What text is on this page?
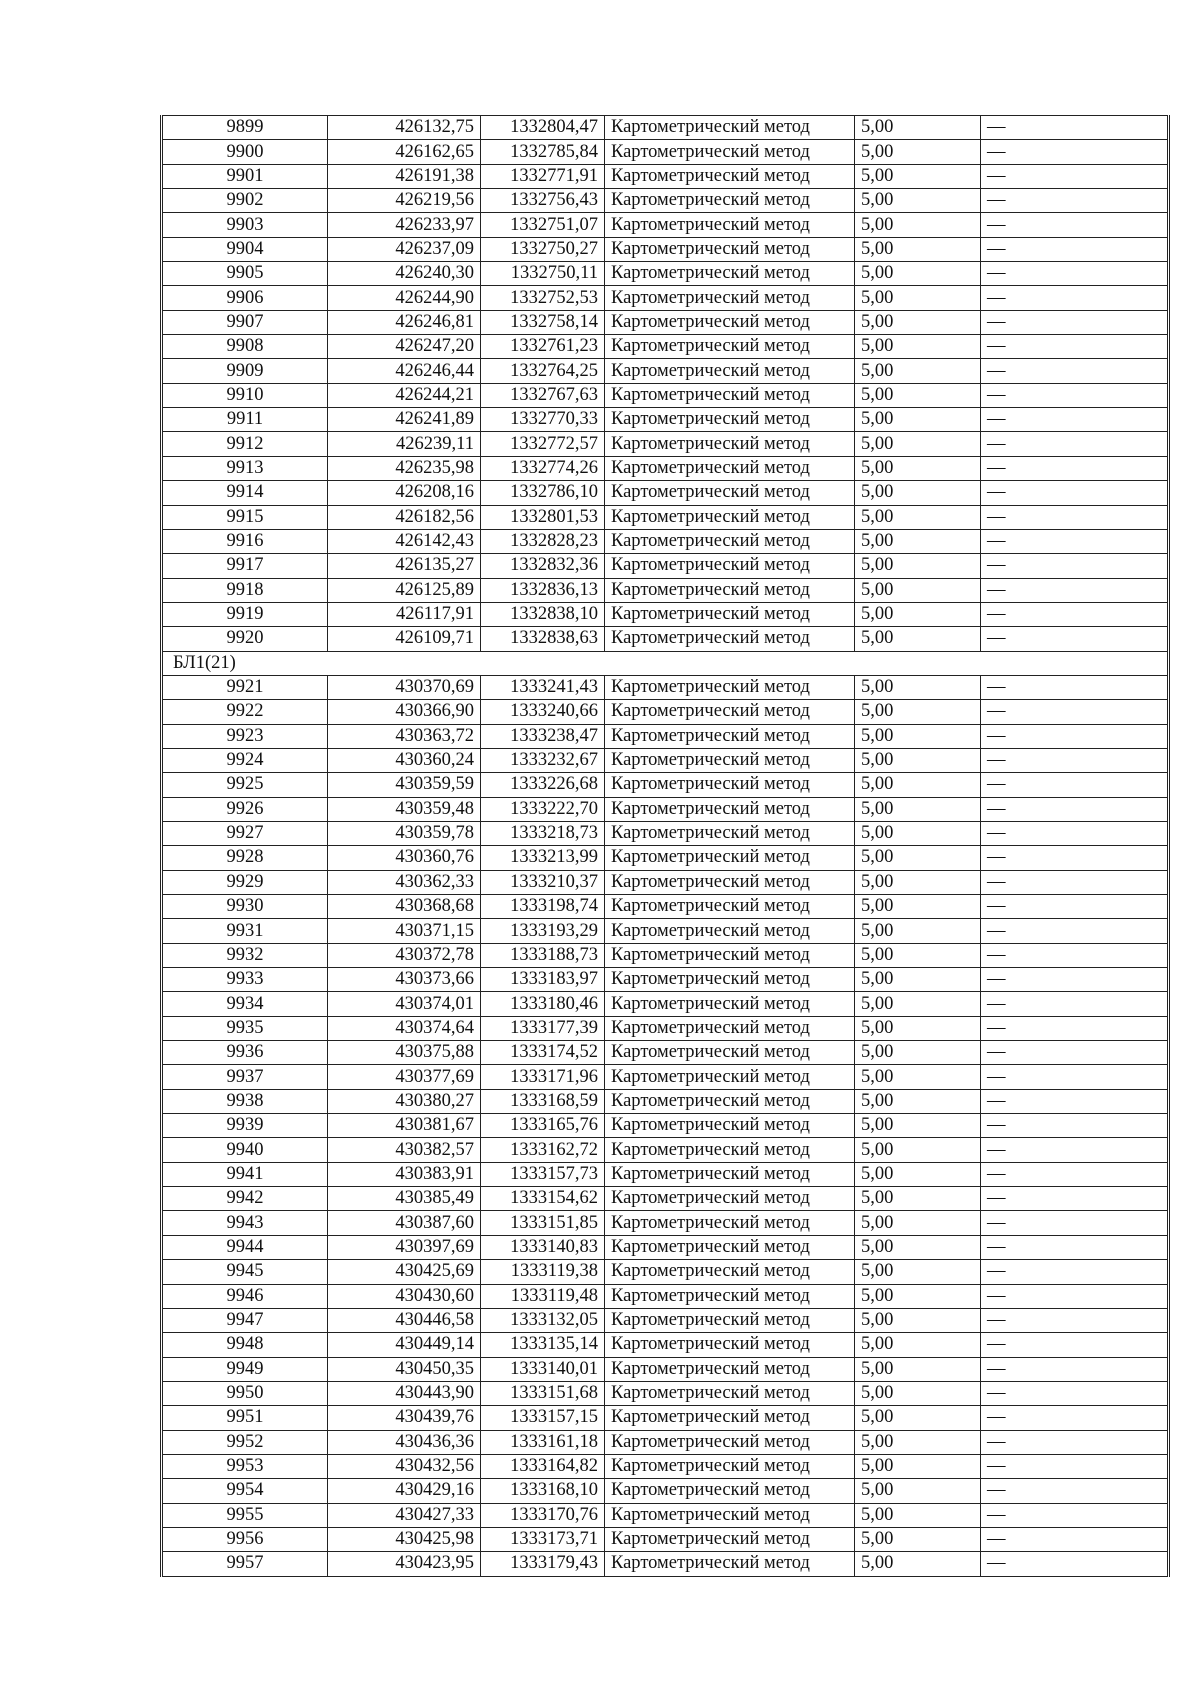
9899	426132,75	1332804,47	Картометрический метод	5,00	—
9900	426162,65	1332785,84	Картометрический метод	5,00	—
9901	426191,38	1332771,91	Картометрический метод	5,00	—
9902	426219,56	1332756,43	Картометрический метод	5,00	—
9903	426233,97	1332751,07	Картометрический метод	5,00	—
9904	426237,09	1332750,27	Картометрический метод	5,00	—
9905	426240,30	1332750,11	Картометрический метод	5,00	—
9906	426244,90	1332752,53	Картометрический метод	5,00	—
9907	426246,81	1332758,14	Картометрический метод	5,00	—
9908	426247,20	1332761,23	Картометрический метод	5,00	—
9909	426246,44	1332764,25	Картометрический метод	5,00	—
9910	426244,21	1332767,63	Картометрический метод	5,00	—
9911	426241,89	1332770,33	Картометрический метод	5,00	—
9912	426239,11	1332772,57	Картометрический метод	5,00	—
9913	426235,98	1332774,26	Картометрический метод	5,00	—
9914	426208,16	1332786,10	Картометрический метод	5,00	—
9915	426182,56	1332801,53	Картометрический метод	5,00	—
9916	426142,43	1332828,23	Картометрический метод	5,00	—
9917	426135,27	1332832,36	Картометрический метод	5,00	—
9918	426125,89	1332836,13	Картометрический метод	5,00	—
9919	426117,91	1332838,10	Картометрический метод	5,00	—
9920	426109,71	1332838,63	Картометрический метод	5,00	—
БЛ1(21)					
9921	430370,69	1333241,43	Картометрический метод	5,00	—
9922	430366,90	1333240,66	Картометрический метод	5,00	—
9923	430363,72	1333238,47	Картометрический метод	5,00	—
9924	430360,24	1333232,67	Картометрический метод	5,00	—
9925	430359,59	1333226,68	Картометрический метод	5,00	—
9926	430359,48	1333222,70	Картометрический метод	5,00	—
9927	430359,78	1333218,73	Картометрический метод	5,00	—
9928	430360,76	1333213,99	Картометрический метод	5,00	—
9929	430362,33	1333210,37	Картометрический метод	5,00	—
9930	430368,68	1333198,74	Картометрический метод	5,00	—
9931	430371,15	1333193,29	Картометрический метод	5,00	—
9932	430372,78	1333188,73	Картометрический метод	5,00	—
9933	430373,66	1333183,97	Картометрический метод	5,00	—
9934	430374,01	1333180,46	Картометрический метод	5,00	—
9935	430374,64	1333177,39	Картометрический метод	5,00	—
9936	430375,88	1333174,52	Картометрический метод	5,00	—
9937	430377,69	1333171,96	Картометрический метод	5,00	—
9938	430380,27	1333168,59	Картометрический метод	5,00	—
9939	430381,67	1333165,76	Картометрический метод	5,00	—
9940	430382,57	1333162,72	Картометрический метод	5,00	—
9941	430383,91	1333157,73	Картометрический метод	5,00	—
9942	430385,49	1333154,62	Картометрический метод	5,00	—
9943	430387,60	1333151,85	Картометрический метод	5,00	—
9944	430397,69	1333140,83	Картометрический метод	5,00	—
9945	430425,69	1333119,38	Картометрический метод	5,00	—
9946	430430,60	1333119,48	Картометрический метод	5,00	—
9947	430446,58	1333132,05	Картометрический метод	5,00	—
9948	430449,14	1333135,14	Картометрический метод	5,00	—
9949	430450,35	1333140,01	Картометрический метод	5,00	—
9950	430443,90	1333151,68	Картометрический метод	5,00	—
9951	430439,76	1333157,15	Картометрический метод	5,00	—
9952	430436,36	1333161,18	Картометрический метод	5,00	—
9953	430432,56	1333164,82	Картометрический метод	5,00	—
9954	430429,16	1333168,10	Картометрический метод	5,00	—
9955	430427,33	1333170,76	Картометрический метод	5,00	—
9956	430425,98	1333173,71	Картометрический метод	5,00	—
9957	430423,95	1333179,43	Картометрический метод	5,00	—
